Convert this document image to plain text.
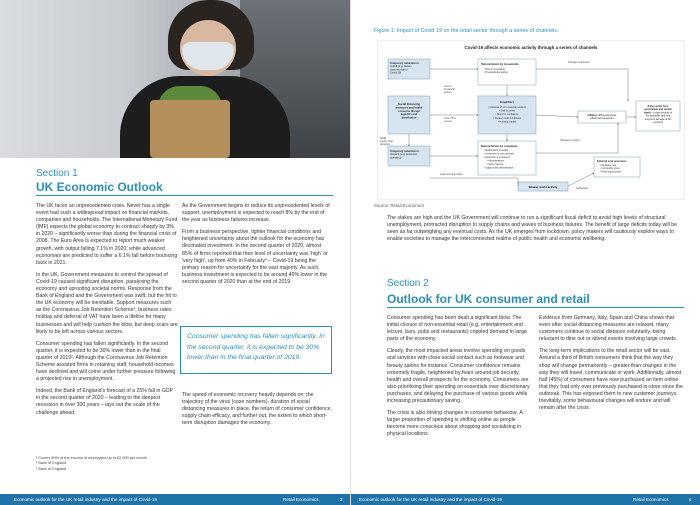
Section 1
UK Economic Outlook

The UK faces an unprecedented crisis. Never has a single event had such a widespread impact on financial markets, companies and households. The International Monetary Fund (IMF) expects the global economy to contract sharply by 3% in 2020 – significantly worse than during the financial crisis of 2008. The Euro Area is expected to report much weaker growth, with output falling 7.1% in 2020, while advanced economies are predicted to suffer a 6.1% fall before bouncing back in 2021.

In the UK, Government measures to control the spread of Covid-19 caused significant disruption, paralysing the economy and uprooting societal norms. Response from the Bank of England and the Government was swift, but the hit to the UK economy will be inevitable. Support measures such as the Coronavirus Job Retention Scheme¹, business rates holiday and deferral of VAT have been a lifeline for many businesses and will help cushion the blow, but deep scars are likely to be left across various sectors.

Consumer spending has fallen significantly. In the second quarter, it is expected to be 30% lower than in the final quarter of 2019². Although the Coronavirus Job Retention Scheme assisted firms in retaining staff, household incomes have declined and will come under further pressure following a projected rise in unemployment.

Indeed, the Bank of England's forecast of a 25% fall in GDP in the second quarter of 2020 – leading to the deepest recession in over 300 years – lays out the scale of the challenge ahead.

As the Government begins to reduce its unprecedented levels of support, unemployment is expected to reach 8% by the end of the year as business failures increase.

From a business perspective, tighter financial conditions and heightened uncertainty about the outlook for the economy has decimated investment. In the second quarter of 2020, almost 85% of firms reported that their level of uncertainty was 'high' or 'very high', up from 40% in February³ – Covid-19 being the primary reason for uncertainty for the vast majority. As such, business investment is expected to be around 40% lower in the second quarter of 2020 than at the end of 2019.

Consumer spending has fallen significantly. In the second quarter, it is expected to be 30% lower than in the final quarter of 2019.

The speed of economic recovery heavily depends on: the trajectory of the virus (case numbers), duration of social distancing measures in place, the return of consumer confidence, supply chain efficacy, and further out, the extent to which short-term disruption damages the economy.

¹ Covers 80% of the income of employees up to £2,500 per month
² Bank of England
³ Bank of England
Economic outlook for the UK retail industry and the impact of Covid-19	Retail Economics	3
Figure 1: Impact of Covid-19 on the retail sector through a series of channels.
Covid-19 affects economic activity through a series of channels
Temporary reduction in output (e.g. factory closures due to Covid-19)
Social distancing measures and health concerns disrupt logistics and distribution
Temporary reduction in demand (e.g. consumer spending)
Retail supply chain disruption
Retrenchment by households
• Rise in uncertainty • Precautionary saving
Amplifiers
• Closures of non-essential retailers • Shift to online • Shock to confidence • Weaker credit conditions • Housing market
Retrenchment by companies
• Reallocation of capital • Investment in new channels • Reduction in employees • Administrations • Store closures • Supply chain diversification
Inflation: differential prices effects across sectors
Policy action from government and central banks to ease severity of the slowdown and limit long-term damage to the economy
External cost pressures
• Exchange rate • Commodity prices • World import prices
Weaker world activity
Changes in demand
Changes in supply
Global links
Loss of household income
Loss of firm revenue
Lower export demand
Source: Retail Economics

The stakes are high and the UK Government will continue to run a significant fiscal deficit to avoid high levels of structural unemployment, protracted disruption to supply chains and waves of business failures. The benefit of large deficits today will be seen as far outweighing any eventual costs. As the UK emerges from lockdown, policy makers will cautiously explore ways to enable societies to manage the interconnected realms of public health and economic wellbeing.

Section 2
Outlook for UK consumer and retail

Consumer spending has been dealt a significant blow. The initial closure of non-essential retail (e.g. entertainment and leisure, bars, pubs and restaurants) crippled demand in large parts of the economy.

Clearly, the most impacted areas involve spending on goods and services with close social contact such as footwear and beauty salons for instance. Consumer confidence remains extremely fragile, heightened by fears around job security, health and overall prospects for the economy. Consumers are also prioritising their spending on essentials over discretionary purchases, and delaying the purchase of various goods while increasing precautionary saving.

The crisis is also driving changes in consumer behaviour. A larger proportion of spending is shifting online as people become more conscious about shopping and socialising in physical locations.

Evidence from Germany, Italy, Spain and China shows that even after social distancing measures are relaxed, many customers continue to social distance voluntarily, being reluctant to dine out or attend events involving large crowds.

The long-term implications to the retail sector will be vast. Around a third of British consumers think that the way they shop will change permanently – greater than changes in the way they will travel, communicate or work. Additionally, almost half (45%) of consumers have now purchased an item online that they had only ever previously purchased in-store since the outbreak. This has exposed them to new customer journeys. Inevitably, some behavioural changes will endure and will remain after the crisis.

Economic outlook for the UK retail industry and the impact of Covid-19	Retail Economics	4
